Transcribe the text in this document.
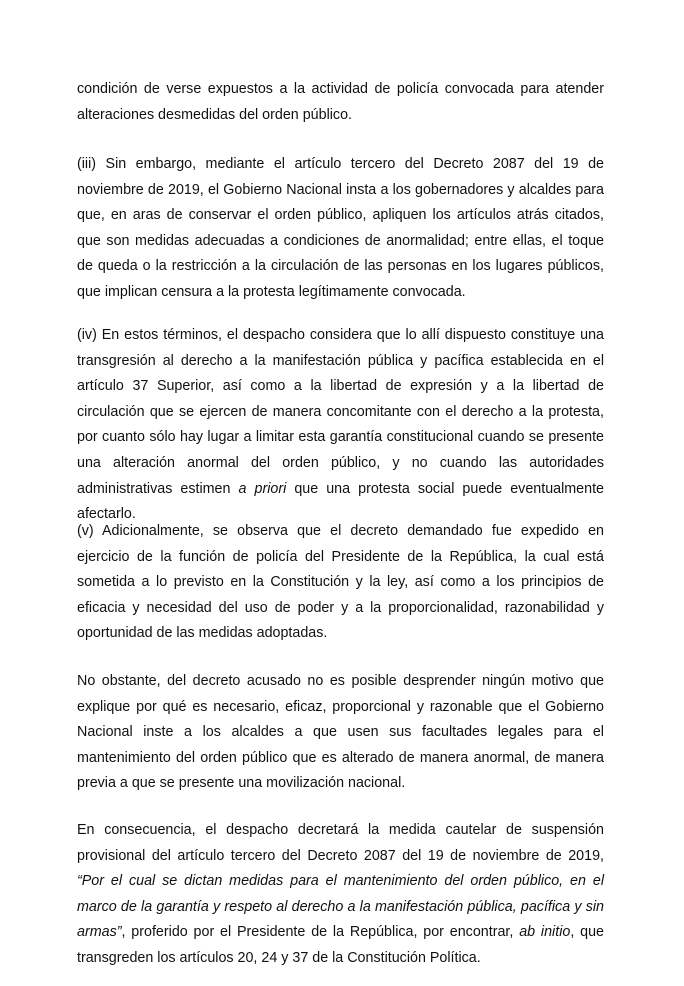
condición de verse expuestos a la actividad de policía convocada para atender alteraciones desmedidas del orden público.

(iii) Sin embargo, mediante el artículo tercero del Decreto 2087 del 19 de noviembre de 2019, el Gobierno Nacional insta a los gobernadores y alcaldes para que, en aras de conservar el orden público, apliquen los artículos atrás citados, que son medidas adecuadas a condiciones de anormalidad; entre ellas, el toque de queda o la restricción a la circulación de las personas en los lugares públicos, que implican censura a la protesta legítimamente convocada.

(iv) En estos términos, el despacho considera que lo allí dispuesto constituye una transgresión al derecho a la manifestación pública y pacífica establecida en el artículo 37 Superior, así como a la libertad de expresión y a la libertad de circulación que se ejercen de manera concomitante con el derecho a la protesta, por cuanto sólo hay lugar a limitar esta garantía constitucional cuando se presente una alteración anormal del orden público, y no cuando las autoridades administrativas estimen a priori que una protesta social puede eventualmente afectarlo.

(v) Adicionalmente, se observa que el decreto demandado fue expedido en ejercicio de la función de policía del Presidente de la República, la cual está sometida a lo previsto en la Constitución y la ley, así como a los principios de eficacia y necesidad del uso de poder y a la proporcionalidad, razonabilidad y oportunidad de las medidas adoptadas.

No obstante, del decreto acusado no es posible desprender ningún motivo que explique por qué es necesario, eficaz, proporcional y razonable que el Gobierno Nacional inste a los alcaldes a que usen sus facultades legales para el mantenimiento del orden público que es alterado de manera anormal, de manera previa a que se presente una movilización nacional.

En consecuencia, el despacho decretará la medida cautelar de suspensión provisional del artículo tercero del Decreto 2087 del 19 de noviembre de 2019, “Por el cual se dictan medidas para el mantenimiento del orden público, en el marco de la garantía y respeto al derecho a la manifestación pública, pacífica y sin armas”, proferido por el Presidente de la República, por encontrar, ab initio, que transgreden los artículos 20, 24 y 37 de la Constitución Política.
